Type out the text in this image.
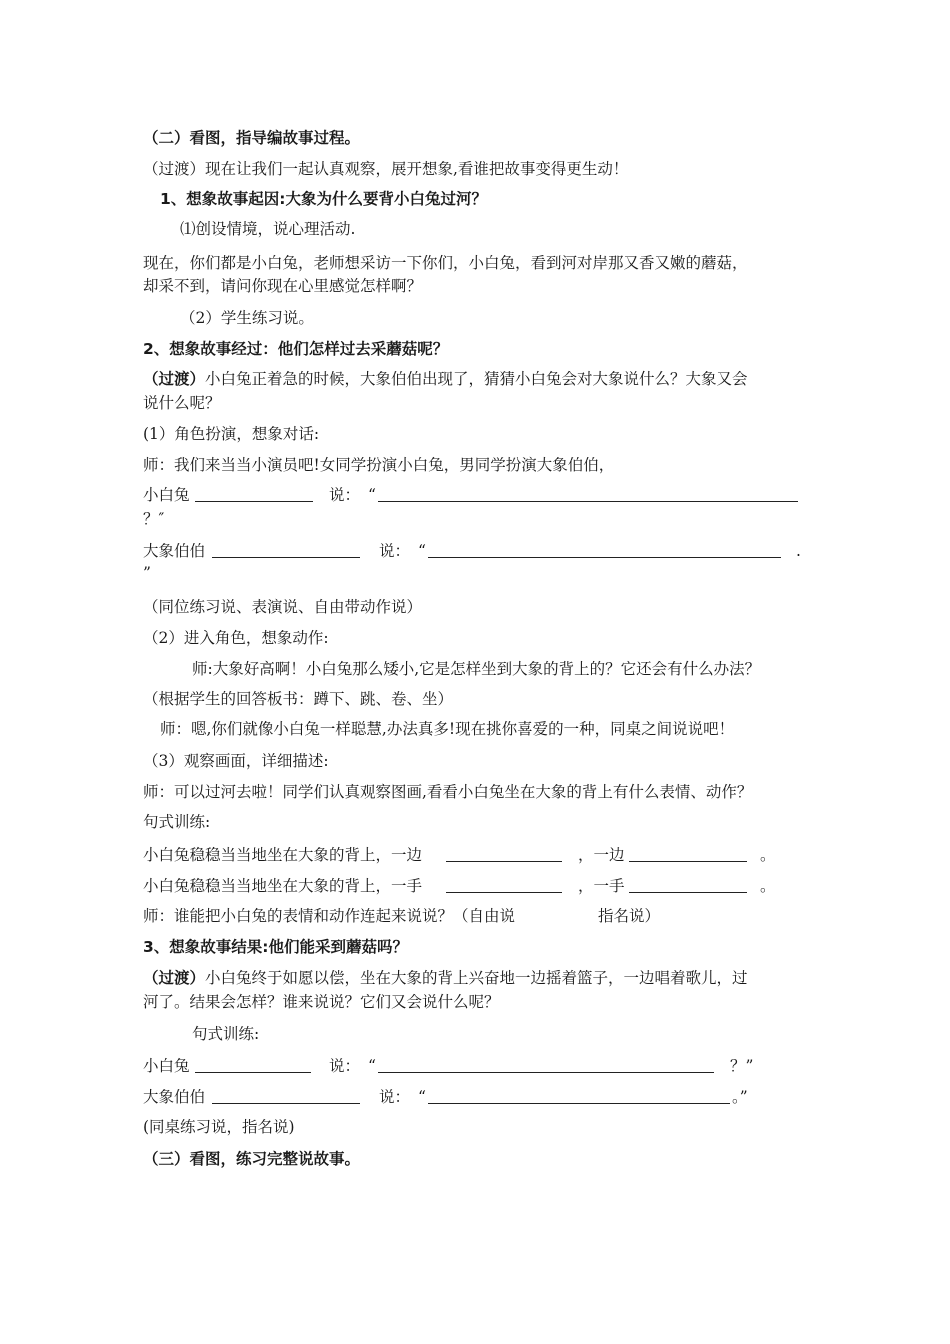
（二）看图，指导编故事过程。
（过渡）现在让我们一起认真观察，展开想象,看谁把故事变得更生动！
1、想象故事起因:大象为什么要背小白兔过河？
⑴创设情境，说心理活动.
现在，你们都是小白兔，老师想采访一下你们，小白兔，看到河对岸那又香又嫩的蘑菇，
却采不到，请问你现在心里感觉怎样啊？
（2）学生练习说。
2、想象故事经过：他们怎样过去采蘑菇呢？
（过渡）小白兔正着急的时候，大象伯伯出现了，猜猜小白兔会对大象说什么？大象又会
说什么呢？
(1）角色扮演，想象对话:
师：我们来当当小演员吧!女同学扮演小白兔，男同学扮演大象伯伯，
小白兔	说： “
？″
大象伯伯	说： “	.
”
（同位练习说、表演说、自由带动作说）
（2）进入角色，想象动作:
师:大象好高啊！小白兔那么矮小,它是怎样坐到大象的背上的？它还会有什么办法？
（根据学生的回答板书：蹲下、跳、卷、坐）
师：嗯,你们就像小白兔一样聪慧,办法真多!现在挑你喜爱的一种，同桌之间说说吧！
（3）观察画面，详细描述:
师：可以过河去啦！同学们认真观察图画,看看小白兔坐在大象的背上有什么表情、动作？
句式训练:
小白兔稳稳当当地坐在大象的背上，一边	，一边	。
小白兔稳稳当当地坐在大象的背上，一手	，一手	。
师：谁能把小白兔的表情和动作连起来说说？（自由说	指名说）
3、想象故事结果:他们能采到蘑菇吗？
（过渡）小白兔终于如愿以偿，坐在大象的背上兴奋地一边摇着篮子，一边唱着歌儿，过
河了。结果会怎样？谁来说说？它们又会说什么呢？
句式训练:
小白兔	说： “	？”
大象伯伯	说： “	。”
(同桌练习说，指名说)
（三）看图，练习完整说故事。
